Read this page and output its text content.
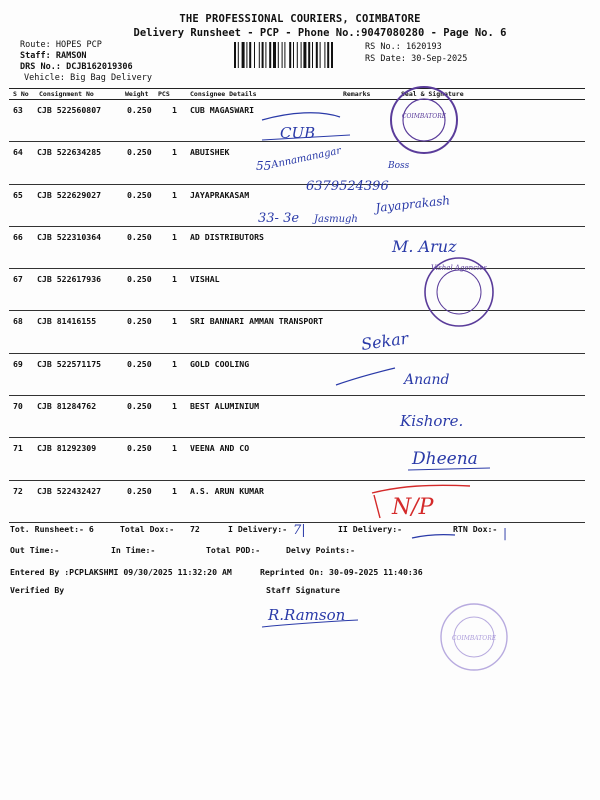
THE PROFESSIONAL COURIERS, COIMBATORE
Delivery Runsheet - PCP - Phone No.:9047080280 - Page No. 6
Route: HOPES PCP
Staff: RAMSON
DRS No.: DCJB162019306
Vehicle: Big Bag Delivery
RS No.: 1620193
RS Date: 30-Sep-2025
S No Consignment No	Weight PCS	Consignee Details	Remarks	Seal & Signature
63 CJB 522560807	0.250 1 CUB MAGASWARI
64 CJB 522634285	0.250 1 ABUISHEK
65 CJB 522629027	0.250 1 JAYAPRAKASAM
66 CJB 522310364	0.250 1 AD DISTRIBUTORS
67 CJB 522617936	0.250 1 VISHAL
68 CJB 81416155	0.250 1 SRI BANNARI AMMAN TRANSPORT
69 CJB 522571175	0.250 1 GOLD COOLING
70 CJB 81284762	0.250 1 BEST ALUMINIUM
71 CJB 81292309	0.250 1 VEENA AND CO
72 CJB 522432427	0.250 1 A.S. ARUN KUMAR
Tot. Runsheet:- 6	Total Dox:- 72	I Delivery:-	II Delivery:-	RTN Dox:-
Out Time:-	In Time:-	Total POD:-	Delvy Points:-
Entered By :PCPLAKSHMI 09/30/2025 11:32:20 AM	Reprinted On: 30-09-2025 11:40:36
Verified By	Staff Signature
COIMBATORE
Vishal Agencies
COIMBATORE
CUB
55 Annamanagar
6379524396
Boss
33- 3e Jasmugh
Jayaprakash
M. Aruz
Sekar
Anand
Kishore.
Dheena
N/P
7|	|
R.Ramson
